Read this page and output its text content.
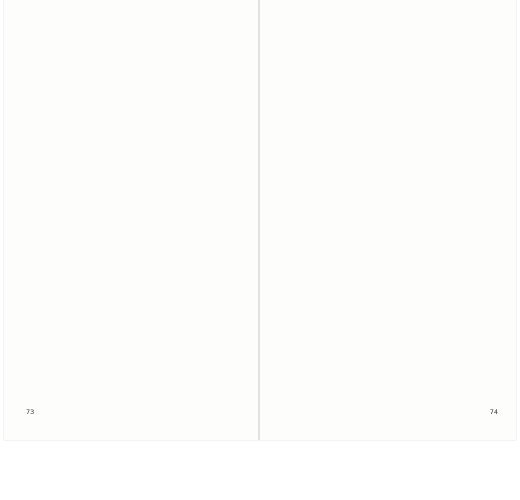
73	74
